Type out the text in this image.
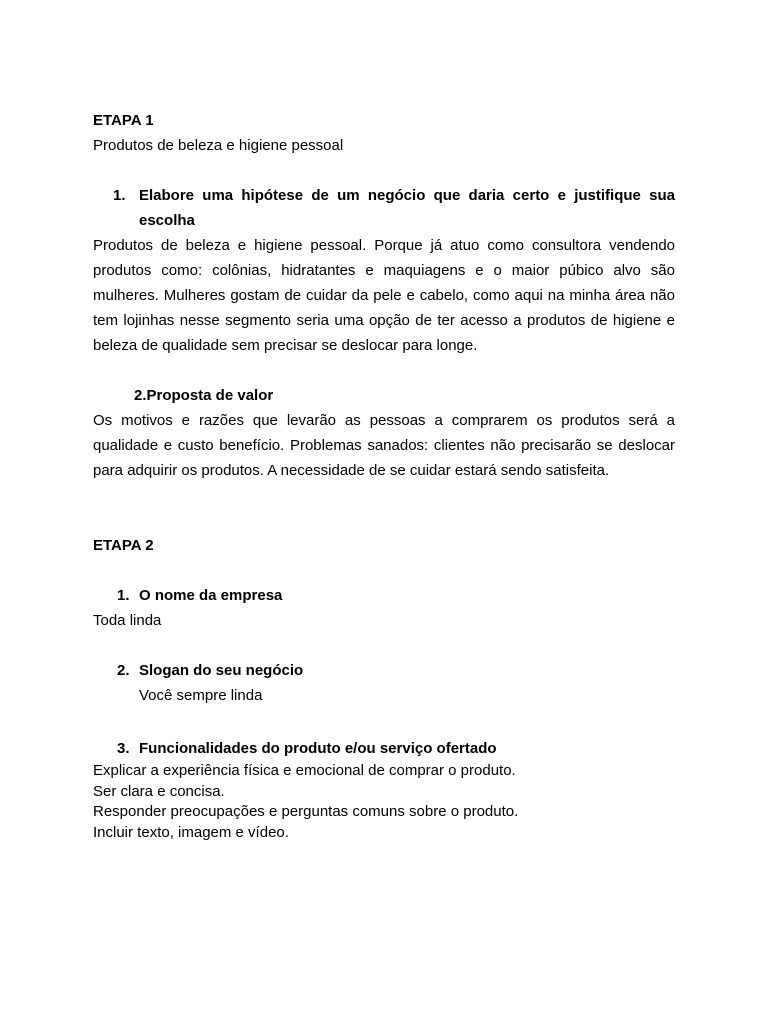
ETAPA 1

Produtos de beleza e higiene pessoal

1. Elabore uma hipótese de um negócio que daria certo e justifique sua escolha

Produtos de beleza e higiene pessoal. Porque já atuo como consultora vendendo produtos como: colônias, hidratantes e maquiagens e o maior púbico alvo são mulheres. Mulheres gostam de cuidar da pele e cabelo, como aqui na minha área não tem lojinhas nesse segmento seria uma opção de ter acesso a produtos de higiene e beleza de qualidade sem precisar se deslocar para longe.

2.Proposta de valor

Os motivos e razões que levarão as pessoas a comprarem os produtos será a qualidade e custo benefício. Problemas sanados: clientes não precisarão se deslocar para adquirir os produtos. A necessidade de se cuidar estará sendo satisfeita.

ETAPA 2

1. O nome da empresa

Toda linda

2. Slogan do seu negócio

Você sempre linda

3. Funcionalidades do produto e/ou serviço ofertado

Explicar a experiência física e emocional de comprar o produto.

Ser clara e concisa.

Responder preocupações e perguntas comuns sobre o produto.

Incluir texto, imagem e vídeo.
